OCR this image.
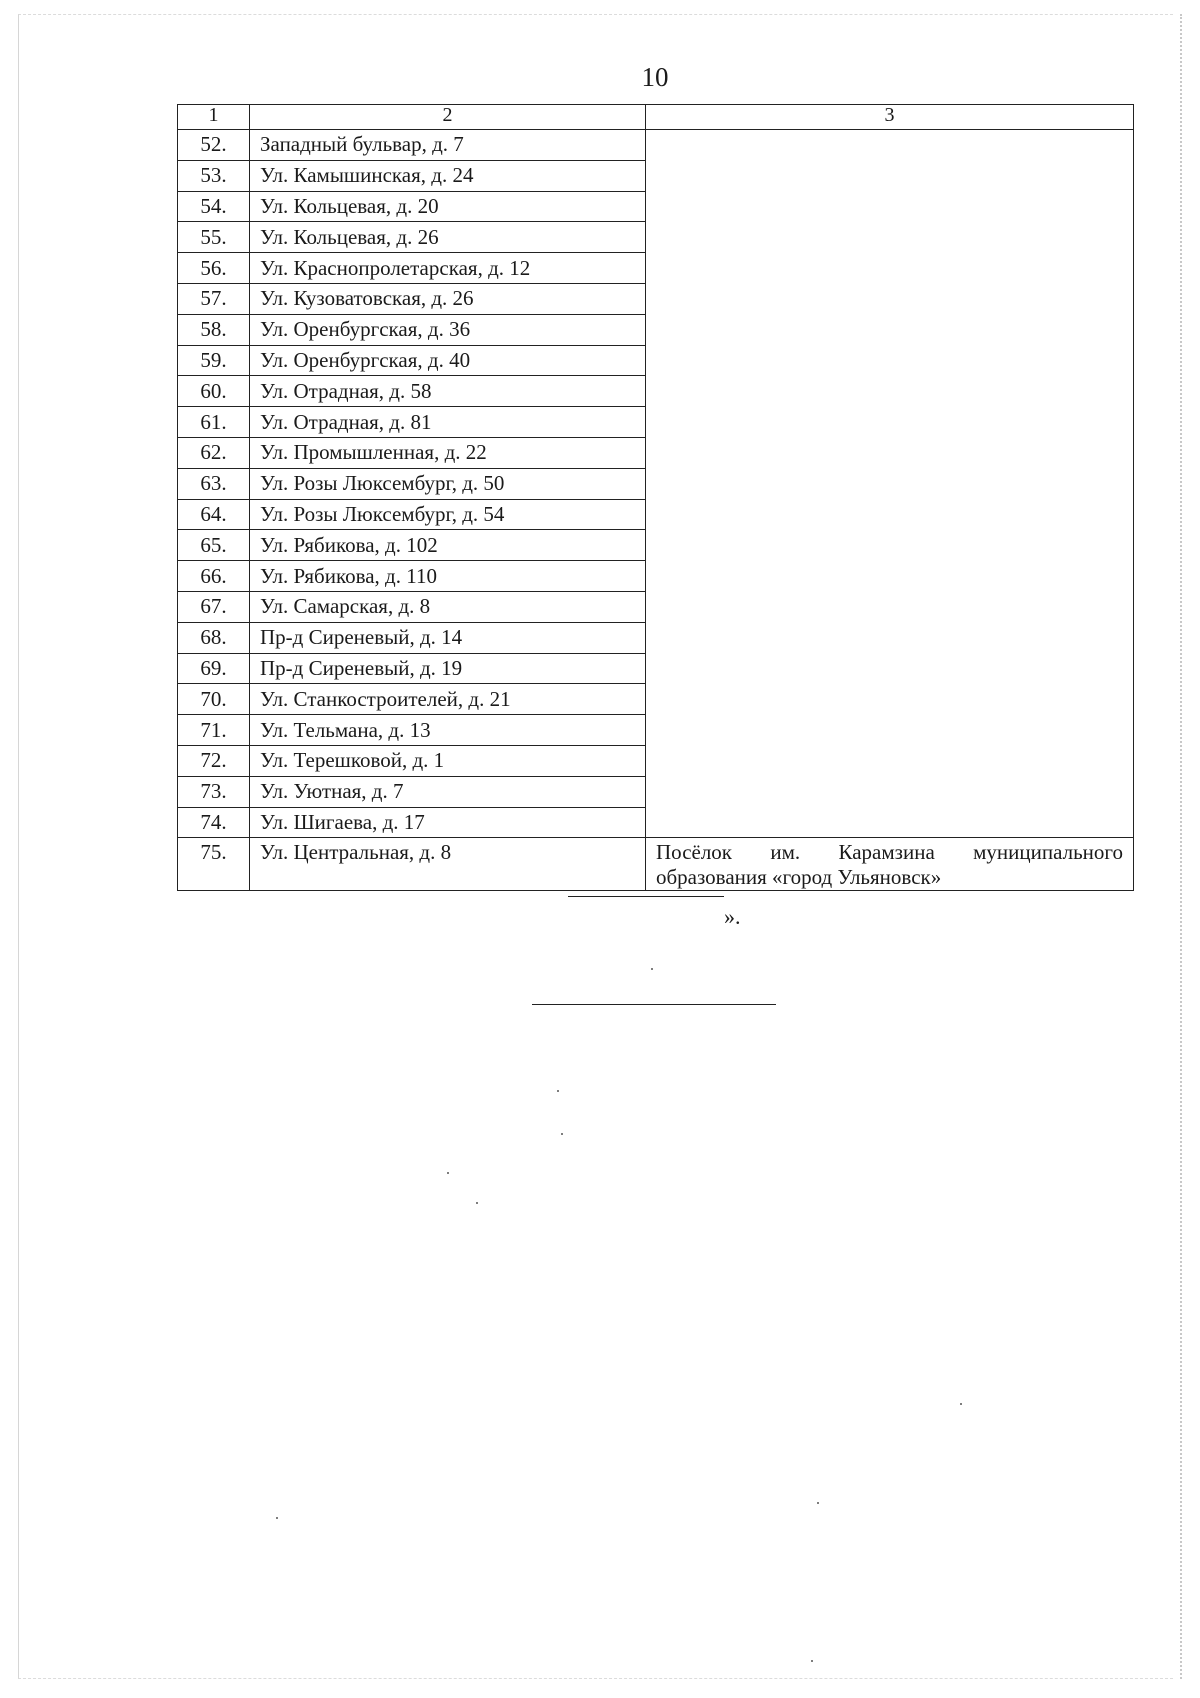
10
1	2	3
52.	Западный бульвар, д. 7	
53.	Ул. Камышинская, д. 24	
54.	Ул. Кольцевая, д. 20	
55.	Ул. Кольцевая, д. 26	
56.	Ул. Краснопролетарская, д. 12	
57.	Ул. Кузоватовская, д. 26	
58.	Ул. Оренбургская, д. 36	
59.	Ул. Оренбургская, д. 40	
60.	Ул. Отрадная, д. 58	
61.	Ул. Отрадная, д. 81	
62.	Ул. Промышленная, д. 22	
63.	Ул. Розы Люксембург, д. 50	
64.	Ул. Розы Люксембург, д. 54	
65.	Ул. Рябикова, д. 102	
66.	Ул. Рябикова, д. 110	
67.	Ул. Самарская, д. 8	
68.	Пр-д Сиреневый, д. 14	
69.	Пр-д Сиреневый, д. 19	
70.	Ул. Станкостроителей, д. 21	
71.	Ул. Тельмана, д. 13	
72.	Ул. Терешковой, д. 1	
73.	Ул. Уютная, д. 7	
74.	Ул. Шигаева, д. 17	
75.	Ул. Центральная, д. 8	Посёлок им. Карамзина муниципального образования «город Ульяновск»
».
